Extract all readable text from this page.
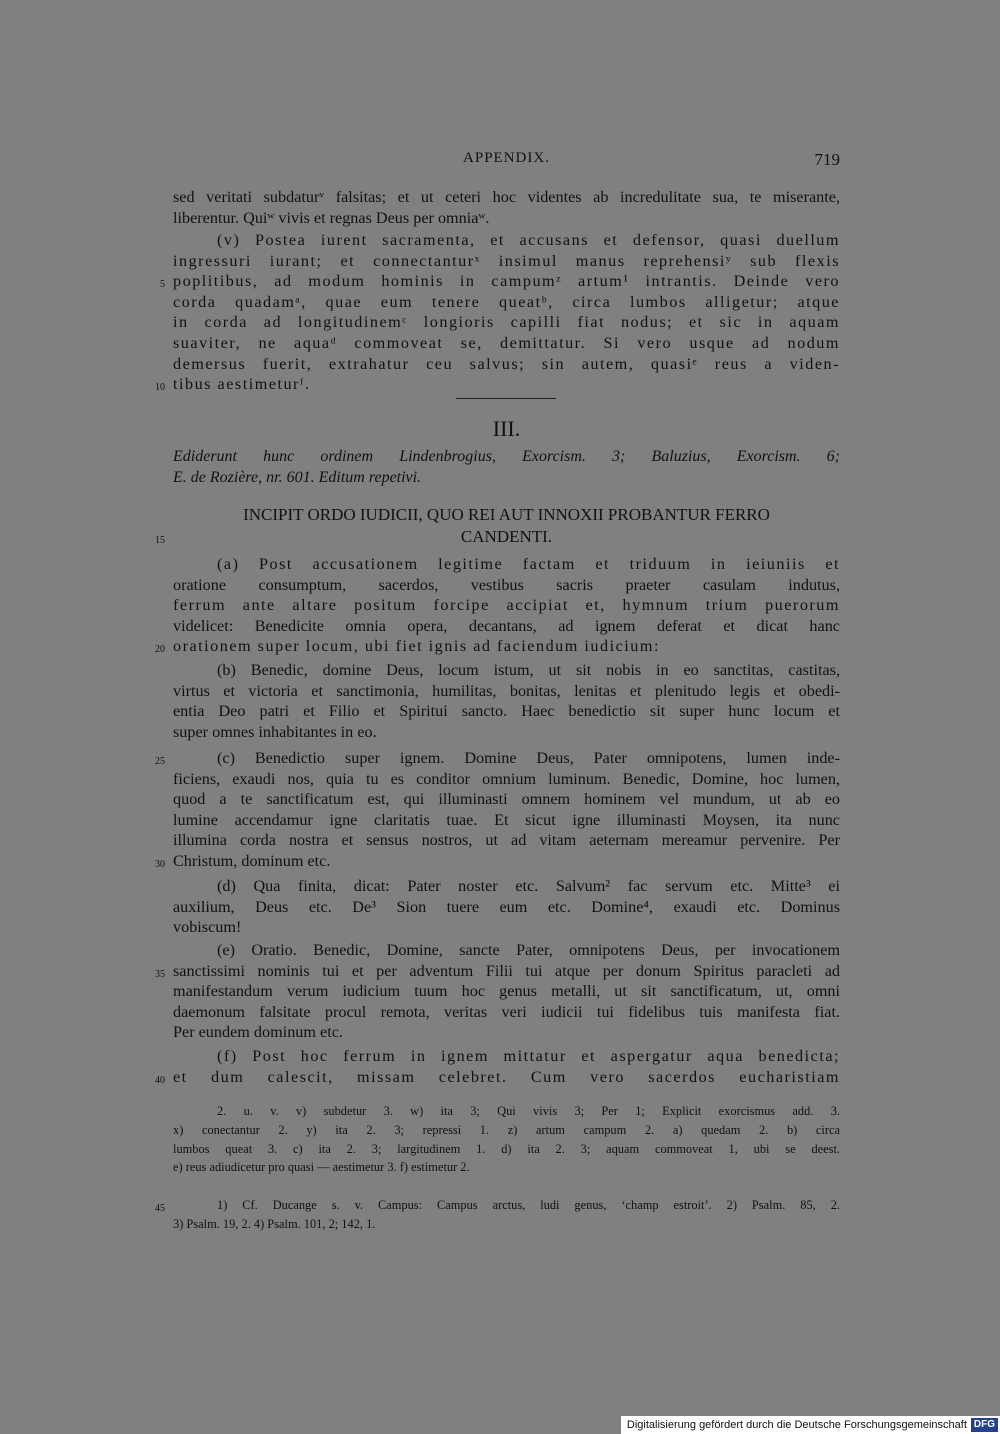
APPENDIX.	719
sed veritati subdaturᵛ falsitas; et ut ceteri hoc videntes ab incredulitate sua, te miserante,
liberentur. Quiʷ vivis et regnas Deus per omniaʷ.
(v) Postea iurent sacramenta, et accusans et defensor, quasi duellum
ingressuri iurant; et connectanturˣ insimul manus reprehensiʸ sub flexis
5 poplitibus, ad modum hominis in campumᶻ artum¹ intrantis. Deinde vero
corda quadamᵃ, quae eum tenere queatᵇ, circa lumbos alligetur; atque
in corda ad longitudinemᶜ longioris capilli fiat nodus; et sic in aquam
suaviter, ne aquaᵈ commoveat se, demittatur. Si vero usque ad nodum
demersus fuerit, extrahatur ceu salvus; sin autem, quasiᵉ reus a viden-
10 tibus aestimeturᶠ.
III.
Ediderunt hunc ordinem Lindenbrogius, Exorcism. 3; Baluzius, Exorcism. 6;
E. de Rozière, nr. 601. Editum repetivi.
INCIPIT ORDO IUDICII, QUO REI AUT INNOXII PROBANTUR FERRO
15	CANDENTI.
(a) Post accusationem legitime factam et triduum in ieiuniis et
oratione consumptum, sacerdos, vestibus sacris praeter casulam indutus,
ferrum ante altare positum forcipe accipiat et, hymnum trium puerorum
videlicet: Benedicite omnia opera, decantans, ad ignem deferat et dicat hanc
20 orationem super locum, ubi fiet ignis ad faciendum iudicium:
(b) Benedic, domine Deus, locum istum, ut sit nobis in eo sanctitas, castitas,
virtus et victoria et sanctimonia, humilitas, bonitas, lenitas et plenitudo legis et obedi-
entia Deo patri et Filio et Spiritui sancto. Haec benedictio sit super hunc locum et
super omnes inhabitantes in eo.
25	(c) Benedictio super ignem. Domine Deus, Pater omnipotens, lumen inde-
ficiens, exaudi nos, quia tu es conditor omnium luminum. Benedic, Domine, hoc lumen,
quod a te sanctificatum est, qui illuminasti omnem hominem vel mundum, ut ab eo
lumine accendamur igne claritatis tuae. Et sicut igne illuminasti Moysen, ita nunc
illumina corda nostra et sensus nostros, ut ad vitam aeternam mereamur pervenire. Per
30 Christum, dominum etc.
(d) Qua finita, dicat: Pater noster etc. Salvum² fac servum etc. Mitte³ ei
auxilium, Deus etc. De³ Sion tuere eum etc. Domine⁴, exaudi etc. Dominus
vobiscum!
(e) Oratio. Benedic, Domine, sancte Pater, omnipotens Deus, per invocationem
35 sanctissimi nominis tui et per adventum Filii tui atque per donum Spiritus paracleti ad
manifestandum verum iudicium tuum hoc genus metalli, ut sit sanctificatum, ut, omni
daemonum falsitate procul remota, veritas veri iudicii tui fidelibus tuis manifesta fiat.
Per eundem dominum etc.
(f) Post hoc ferrum in ignem mittatur et aspergatur aqua benedicta;
40 et dum calescit, missam celebret. Cum vero sacerdos eucharistiam
2. u. v. v) subdetur 3. w) ita 3; Qui vivis 3; Per 1; Explicit exorcismus add. 3.
x) conectantur 2. y) ita 2. 3; repressi 1. z) artum campum 2. a) quedam 2. b) circa
lumbos queat 3. c) ita 2. 3; largitudinem 1. d) ita 2. 3; aquam commoveat 1, ubi se deest.
e) reus adiudicetur pro quasi — aestimetur 3. f) estimetur 2.
45	1) Cf. Ducange s. v. Campus: Campus arctus, ludi genus, ‘champ estroit’. 2) Psalm. 85, 2.
3) Psalm. 19, 2. 4) Psalm. 101, 2; 142, 1.
Digitalisierung gefördert durch die Deutsche Forschungsgemeinschaft DFG
